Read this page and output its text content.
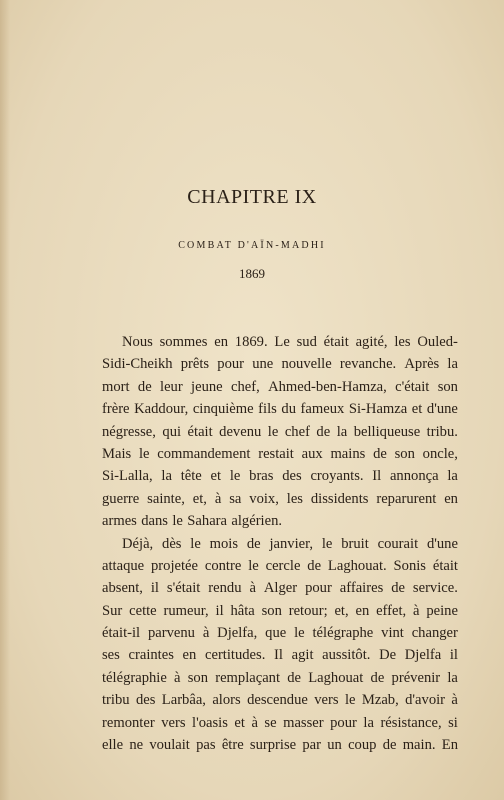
CHAPITRE IX
COMBAT D'AÏN-MADHI
1869
Nous sommes en 1869. Le sud était agité, les Ouled-
Sidi-Cheikh prêts pour une nouvelle revanche. Après la
mort de leur jeune chef, Ahmed-ben-Hamza, c'était son
frère Kaddour, cinquième fils du fameux Si-Hamza et d'une
négresse, qui était devenu le chef de la belliqueuse tribu.
Mais le commandement restait aux mains de son oncle,
Si-Lalla, la tête et le bras des croyants. Il annonça la
guerre sainte, et, à sa voix, les dissidents reparurent en
armes dans le Sahara algérien.
Déjà, dès le mois de janvier, le bruit courait d'une
attaque projetée contre le cercle de Laghouat. Sonis était
absent, il s'était rendu à Alger pour affaires de service.
Sur cette rumeur, il hâta son retour; et, en effet, à peine
était-il parvenu à Djelfa, que le télégraphe vint changer
ses craintes en certitudes. Il agit aussitôt. De Djelfa il
télégraphie à son remplaçant de Laghouat de prévenir la
tribu des Larbâa, alors descendue vers le Mzab, d'avoir à
remonter vers l'oasis et à se masser pour la résistance, si
elle ne voulait pas être surprise par un coup de main. En
